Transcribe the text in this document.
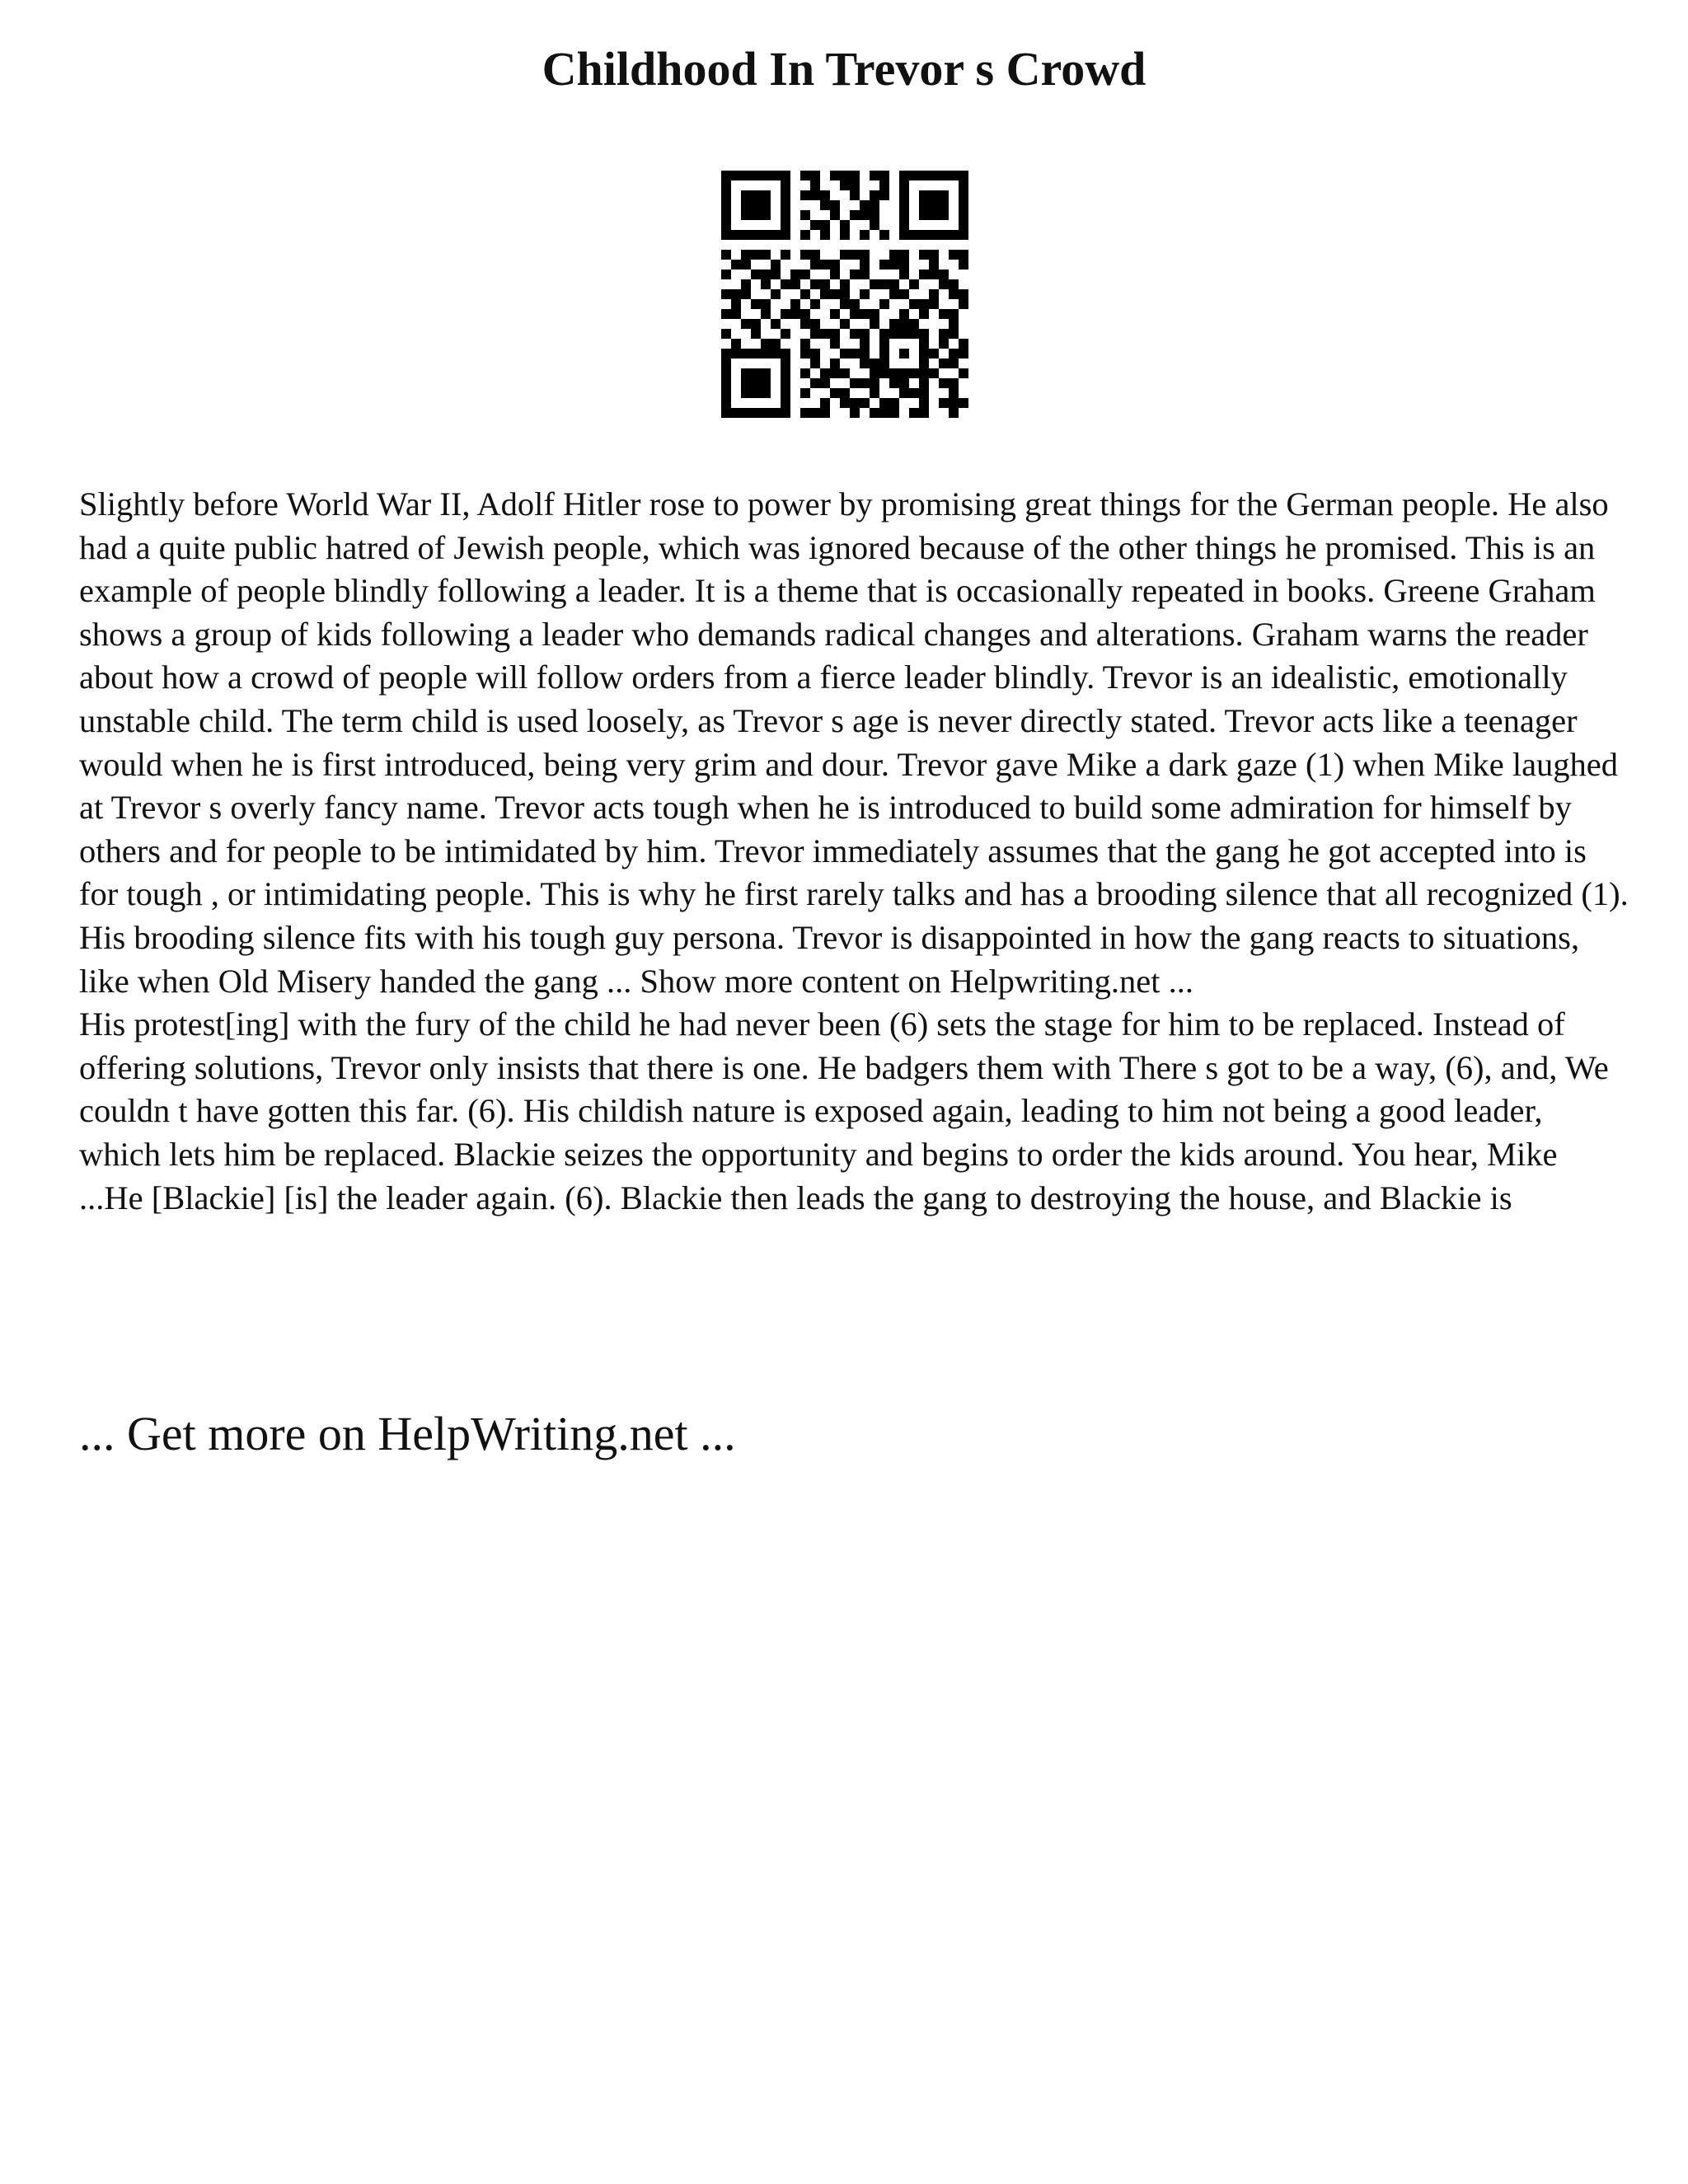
Childhood In Trevor s Crowd

Slightly before World War II, Adolf Hitler rose to power by promising great things for the German people. He also had a quite public hatred of Jewish people, which was ignored because of the other things he promised. This is an example of people blindly following a leader. It is a theme that is occasionally repeated in books. Greene Graham shows a group of kids following a leader who demands radical changes and alterations. Graham warns the reader about how a crowd of people will follow orders from a fierce leader blindly. Trevor is an idealistic, emotionally unstable child. The term child is used loosely, as Trevor s age is never directly stated. Trevor acts like a teenager would when he is first introduced, being very grim and dour. Trevor gave Mike a dark gaze (1) when Mike laughed at Trevor s overly fancy name. Trevor acts tough when he is introduced to build some admiration for himself by others and for people to be intimidated by him. Trevor immediately assumes that the gang he got accepted into is for tough , or intimidating people. This is why he first rarely talks and has a brooding silence that all recognized (1). His brooding silence fits with his tough guy persona. Trevor is disappointed in how the gang reacts to situations, like when Old Misery handed the gang ... Show more content on Helpwriting.net ...

His protest[ing] with the fury of the child he had never been (6) sets the stage for him to be replaced. Instead of offering solutions, Trevor only insists that there is one. He badgers them with There s got to be a way, (6), and, We couldn t have gotten this far. (6). His childish nature is exposed again, leading to him not being a good leader, which lets him be replaced. Blackie seizes the opportunity and begins to order the kids around. You hear, Mike ...He [Blackie] [is] the leader again. (6). Blackie then leads the gang to destroying the house, and Blackie is

... Get more on HelpWriting.net ...
